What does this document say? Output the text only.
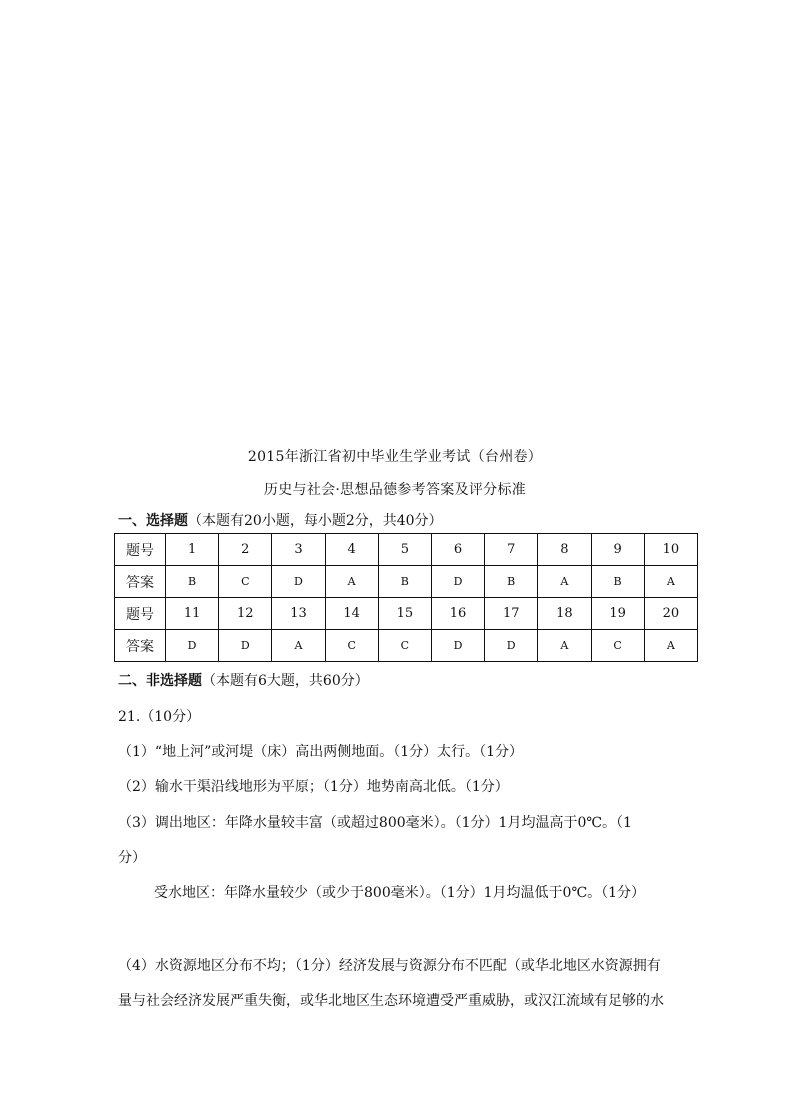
2015年浙江省初中毕业生学业考试（台州卷）
历史与社会·思想品德参考答案及评分标准
一、选择题（本题有20小题，每小题2分，共40分）
题号	1	2	3	4	5	6	7	8	9	10
答案	B	C	D	A	B	D	B	A	B	A
题号	11	12	13	14	15	16	17	18	19	20
答案	D	D	A	C	C	D	D	A	C	A
二、非选择题（本题有6大题，共60分）
21.（10分）
（1）“地上河”或河堤（床）高出两侧地面。（1分）太行。（1分）
（2）输水干渠沿线地形为平原；（1分）地势南高北低。（1分）
（3）调出地区：年降水量较丰富（或超过800毫米）。（1分）1月均温高于0℃。（1
分）
受水地区：年降水量较少（或少于800毫米）。（1分）1月均温低于0℃。（1分）
（4）水资源地区分布不均；（1分）经济发展与资源分布不匹配（或华北地区水资源拥有
量与社会经济发展严重失衡，或华北地区生态环境遭受严重威胁，或汉江流域有足够的水
